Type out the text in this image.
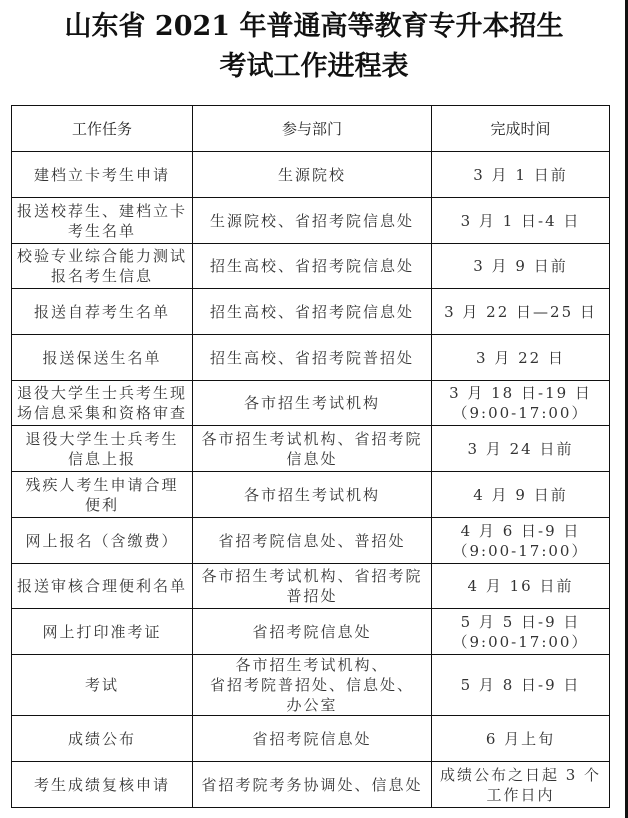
山东省 2021 年普通高等教育专升本招生
考试工作进程表
工作任务	参与部门	完成时间

建档立卡考生申请	生源院校	3 月 1 日前

报送校荐生、建档立卡
考生名单	生源院校、省招考院信息处	3 月 1 日-4 日

校验专业综合能力测试
报名考生信息	招生高校、省招考院信息处	3 月 9 日前

报送自荐考生名单	招生高校、省招考院信息处	3 月 22 日—25 日

报送保送生名单	招生高校、省招考院普招处	3 月 22 日

退役大学生士兵考生现
场信息采集和资格审查	各市招生考试机构	3 月 18 日-19 日
（9:00-17:00）

退役大学生士兵考生
信息上报	各市招生考试机构、省招考院
信息处	3 月 24 日前

残疾人考生申请合理
便利	各市招生考试机构	4 月 9 日前

网上报名（含缴费）	省招考院信息处、普招处	4 月 6 日-9 日
（9:00-17:00）

报送审核合理便利名单	各市招生考试机构、省招考院
普招处	4 月 16 日前

网上打印准考证	省招考院信息处	5 月 5 日-9 日
（9:00-17:00）

考试	各市招生考试机构、
省招考院普招处、信息处、
办公室	5 月 8 日-9 日

成绩公布	省招考院信息处	6 月上旬

考生成绩复核申请	省招考院考务协调处、信息处	成绩公布之日起 3 个
工作日内
